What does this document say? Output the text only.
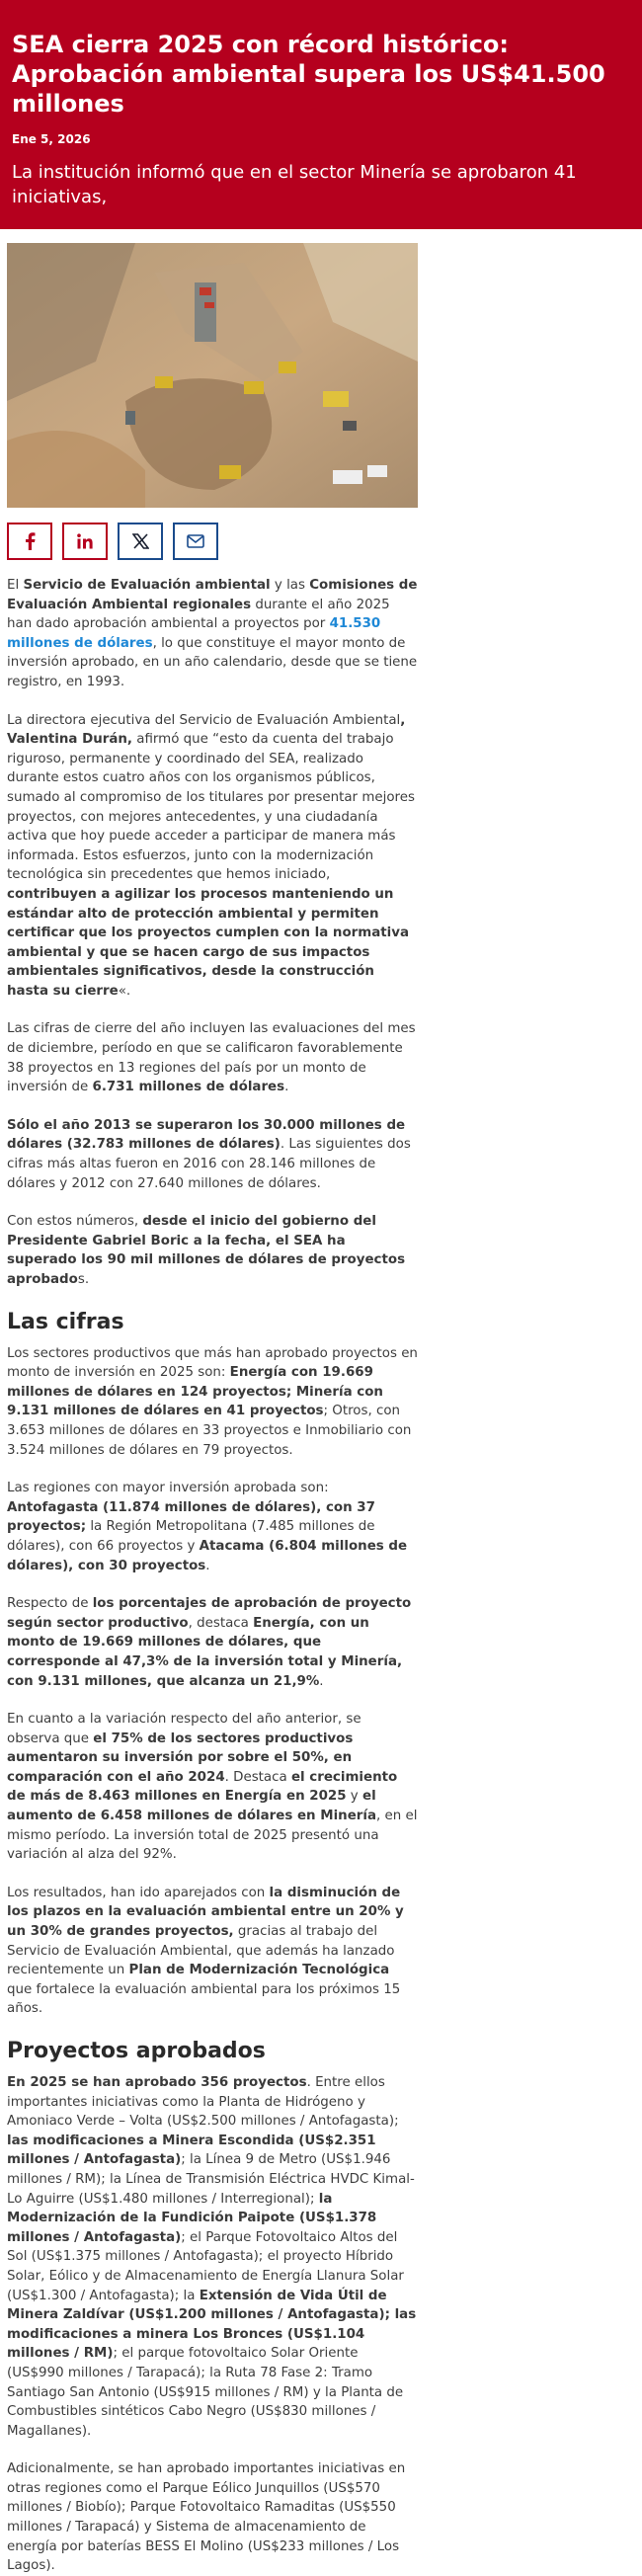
SEA cierra 2025 con récord histórico: Aprobación ambiental supera los US$41.500 millones
Ene 5, 2026
La institución informó que en el sector Minería se aprobaron 41 iniciativas,

El Servicio de Evaluación ambiental y las Comisiones de Evaluación Ambiental regionales durante el año 2025 han dado aprobación ambiental a proyectos por 41.530 millones de dólares, lo que constituye el mayor monto de inversión aprobado, en un año calendario, desde que se tiene registro, en 1993.

La directora ejecutiva del Servicio de Evaluación Ambiental, Valentina Durán, afirmó que “esto da cuenta del trabajo riguroso, permanente y coordinado del SEA, realizado durante estos cuatro años con los organismos públicos, sumado al compromiso de los titulares por presentar mejores proyectos, con mejores antecedentes, y una ciudadanía activa que hoy puede acceder a participar de manera más informada. Estos esfuerzos, junto con la modernización tecnológica sin precedentes que hemos iniciado, contribuyen a agilizar los procesos manteniendo un estándar alto de protección ambiental y permiten certificar que los proyectos cumplen con la normativa ambiental y que se hacen cargo de sus impactos ambientales significativos, desde la construcción hasta su cierre«.

Las cifras de cierre del año incluyen las evaluaciones del mes de diciembre, período en que se calificaron favorablemente 38 proyectos en 13 regiones del país por un monto de inversión de 6.731 millones de dólares.

Sólo el año 2013 se superaron los 30.000 millones de dólares (32.783 millones de dólares). Las siguientes dos cifras más altas fueron en 2016 con 28.146 millones de dólares y 2012 con 27.640 millones de dólares.

Con estos números, desde el inicio del gobierno del Presidente Gabriel Boric a la fecha, el SEA ha superado los 90 mil millones de dólares de proyectos aprobados.

Las cifras

Los sectores productivos que más han aprobado proyectos en monto de inversión en 2025 son: Energía con 19.669 millones de dólares en 124 proyectos; Minería con 9.131 millones de dólares en 41 proyectos; Otros, con 3.653 millones de dólares en 33 proyectos e Inmobiliario con 3.524 millones de dólares en 79 proyectos.

Las regiones con mayor inversión aprobada son: Antofagasta (11.874 millones de dólares), con 37 proyectos; la Región Metropolitana (7.485 millones de dólares), con 66 proyectos y Atacama (6.804 millones de dólares), con 30 proyectos.

Respecto de los porcentajes de aprobación de proyecto según sector productivo, destaca Energía, con un monto de 19.669 millones de dólares, que corresponde al 47,3% de la inversión total y Minería, con 9.131 millones, que alcanza un 21,9%.

En cuanto a la variación respecto del año anterior, se observa que el 75% de los sectores productivos aumentaron su inversión por sobre el 50%, en comparación con el año 2024. Destaca el crecimiento de más de 8.463 millones en Energía en 2025 y el aumento de 6.458 millones de dólares en Minería, en el mismo período. La inversión total de 2025 presentó una variación al alza del 92%.

Los resultados, han ido aparejados con la disminución de los plazos en la evaluación ambiental entre un 20% y un 30% de grandes proyectos, gracias al trabajo del Servicio de Evaluación Ambiental, que además ha lanzado recientemente un Plan de Modernización Tecnológica que fortalece la evaluación ambiental para los próximos 15 años.

Proyectos aprobados

En 2025 se han aprobado 356 proyectos. Entre ellos importantes iniciativas como la Planta de Hidrógeno y Amoniaco Verde – Volta (US$2.500 millones / Antofagasta); las modificaciones a Minera Escondida (US$2.351 millones / Antofagasta); la Línea 9 de Metro (US$1.946 millones / RM); la Línea de Transmisión Eléctrica HVDC Kimal-Lo Aguirre (US$1.480 millones / Interregional); la Modernización de la Fundición Paipote (US$1.378 millones / Antofagasta); el Parque Fotovoltaico Altos del Sol (US$1.375 millones / Antofagasta); el proyecto Híbrido Solar, Eólico y de Almacenamiento de Energía Llanura Solar (US$1.300 / Antofagasta); la Extensión de Vida Útil de Minera Zaldívar (US$1.200 millones / Antofagasta); las modificaciones a minera Los Bronces (US$1.104 millones / RM); el parque fotovoltaico Solar Oriente (US$990 millones / Tarapacá); la Ruta 78 Fase 2: Tramo Santiago San Antonio (US$915 millones / RM) y la Planta de Combustibles sintéticos Cabo Negro (US$830 millones / Magallanes).

Adicionalmente, se han aprobado importantes iniciativas en otras regiones como el Parque Eólico Junquillos (US$570 millones / Biobío); Parque Fotovoltaico Ramaditas (US$550 millones / Tarapacá) y Sistema de almacenamiento de energía por baterías BESS El Molino (US$233 millones / Los Lagos).
